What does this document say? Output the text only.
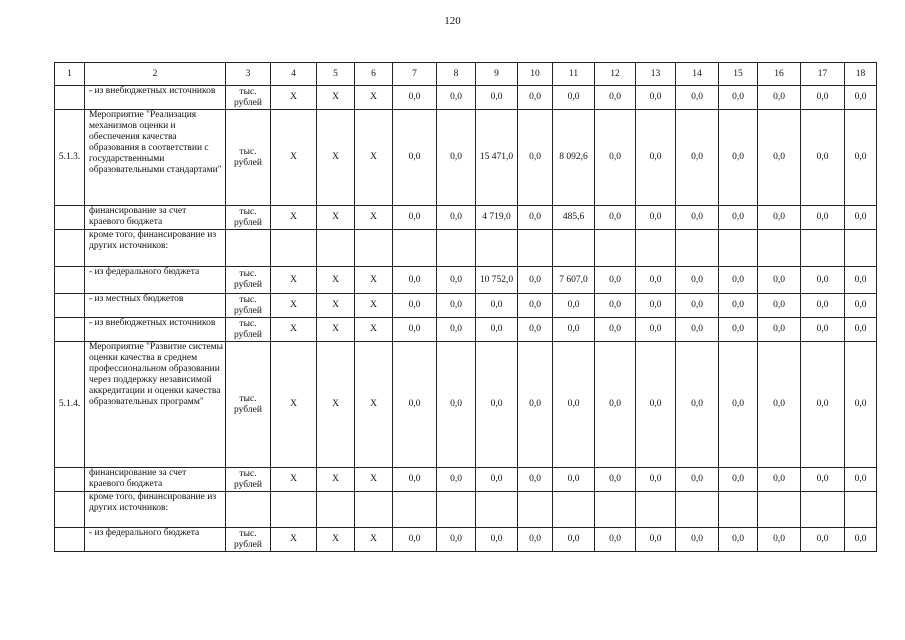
120
1	2	3	4	5	6	7	8	9	10	11	12	13	14	15	16	17	18
	- из внебюджетных источников	тыс. рублей	X	X	X	0,0	0,0	0,0	0,0	0,0	0,0	0,0	0,0	0,0	0,0	0,0	0,0
5.1.3.	Мероприятие "Реализация механизмов оценки и обеспечения качества образования в соответствии с государственными образовательными стандартами"	тыс. рублей	X	X	X	0,0	0,0	15 471,0	0,0	8 092,6	0,0	0,0	0,0	0,0	0,0	0,0	0,0
	финансирование за счет краевого бюджета	тыс. рублей	X	X	X	0,0	0,0	4 719,0	0,0	485,6	0,0	0,0	0,0	0,0	0,0	0,0	0,0
	кроме того, финансирование из других источников:																
	- из федерального бюджета	тыс. рублей	X	X	X	0,0	0,0	10 752,0	0,0	7 607,0	0,0	0,0	0,0	0,0	0,0	0,0	0,0
	- из местных бюджетов	тыс. рублей	X	X	X	0,0	0,0	0,0	0,0	0,0	0,0	0,0	0,0	0,0	0,0	0,0	0,0
	- из внебюджетных источников	тыс. рублей	X	X	X	0,0	0,0	0,0	0,0	0,0	0,0	0,0	0,0	0,0	0,0	0,0	0,0
5.1.4.	Мероприятие "Развитие системы оценки качества в среднем профессиональном образовании через поддержку независимой аккредитации и оценки качества образовательных программ"	тыс. рублей	X	X	X	0,0	0,0	0,0	0,0	0,0	0,0	0,0	0,0	0,0	0,0	0,0	0,0
	финансирование за счет краевого бюджета	тыс. рублей	X	X	X	0,0	0,0	0,0	0,0	0,0	0,0	0,0	0,0	0,0	0,0	0,0	0,0
	кроме того, финансирование из других источников:																
	- из федерального бюджета	тыс. рублей	X	X	X	0,0	0,0	0,0	0,0	0,0	0,0	0,0	0,0	0,0	0,0	0,0	0,0
